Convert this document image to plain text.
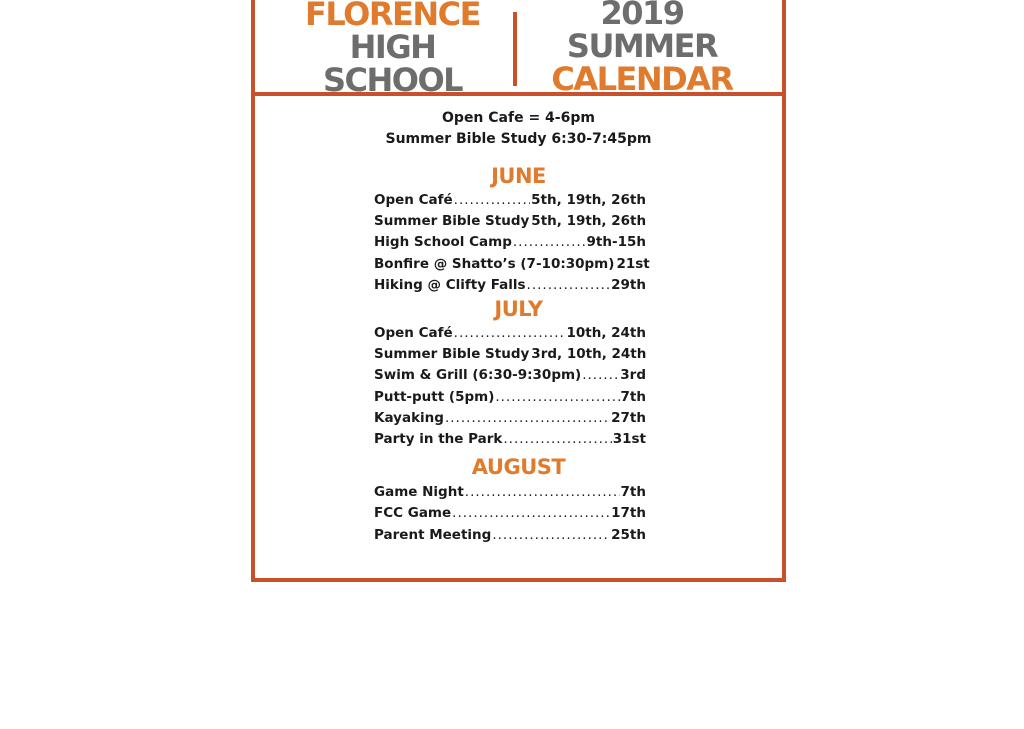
FLORENCE
HIGH SCHOOL
2019 SUMMER
CALENDAR
Open Cafe = 4-6pm
Summer Bible Study 6:30-7:45pm
JUNE
Open Café .....	5th, 19th, 26th
Summer Bible Study 5th, 19th, 26th
High School Camp .....	9th-15h
Bonfire @ Shatto’s (7-10:30pm) 21st
Hiking @ Clifty Falls .....	29th
JULY
Open Café .....	10th, 24th
Summer Bible Study 3rd, 10th, 24th
Swim & Grill (6:30-9:30pm) .....	3rd
Putt-putt (5pm) .....	7th
Kayaking .....	27th
Party in the Park .....	31st
AUGUST
Game Night .....	7th
FCC Game .....	17th
Parent Meeting .....	25th
